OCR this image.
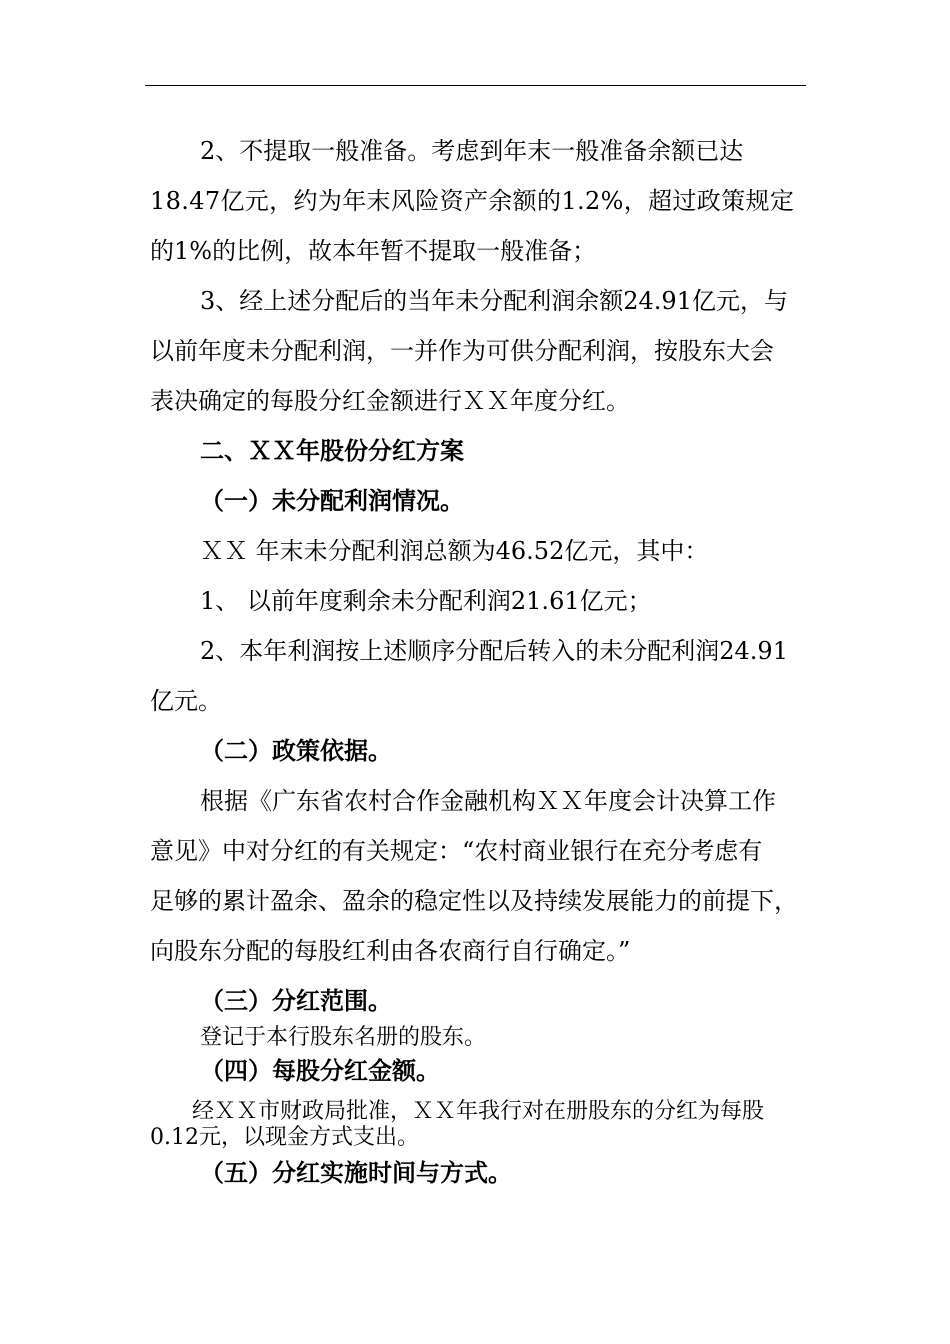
2、不提取一般准备。考虑到年末一般准备余额已达
18.47亿元，约为年末风险资产余额的1.2%，超过政策规定
的1%的比例，故本年暂不提取一般准备；
3、经上述分配后的当年未分配利润余额24.91亿元，与
以前年度未分配利润，一并作为可供分配利润，按股东大会
表决确定的每股分红金额进行ＸＸ年度分红。
二、ＸＸ年股份分红方案
（一）未分配利润情况。
ＸＸ 年末未分配利润总额为46.52亿元，其中：
1、 以前年度剩余未分配利润21.61亿元；
2、本年利润按上述顺序分配后转入的未分配利润24.91
亿元。
（二）政策依据。
根据《广东省农村合作金融机构ＸＸ年度会计决算工作
意见》中对分红的有关规定：“农村商业银行在充分考虑有
足够的累计盈余、盈余的稳定性以及持续发展能力的前提下，
向股东分配的每股红利由各农商行自行确定。”
（三）分红范围。
登记于本行股东名册的股东。
（四）每股分红金额。
经ＸＸ市财政局批准，ＸＸ年我行对在册股东的分红为每股
0.12元，以现金方式支出。
（五）分红实施时间与方式。
